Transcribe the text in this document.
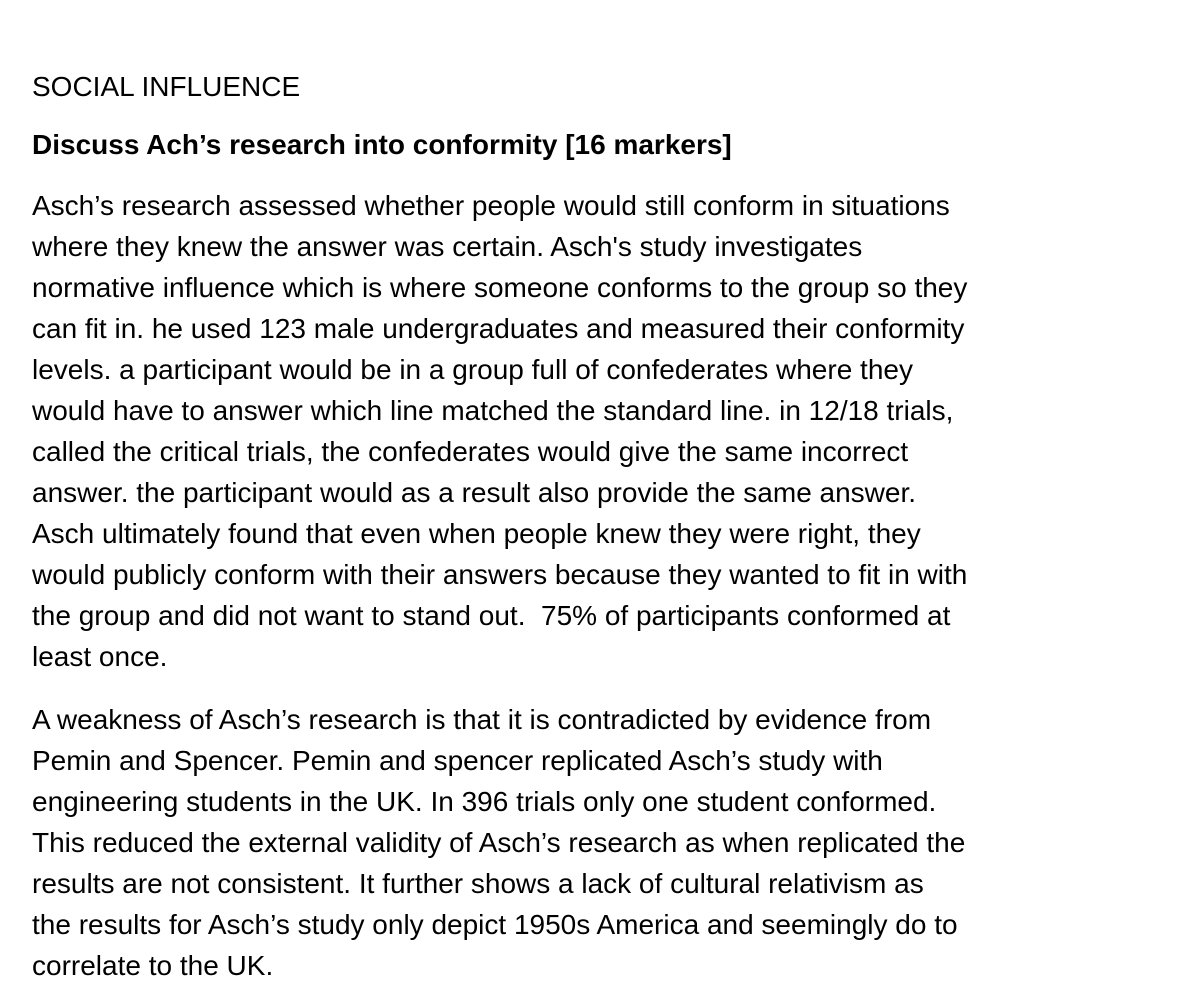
SOCIAL INFLUENCE
Discuss Ach’s research into conformity [16 markers]

Asch’s research assessed whether people would still conform in situations
where they knew the answer was certain. Asch's study investigates
normative influence which is where someone conforms to the group so they
can fit in. he used 123 male undergraduates and measured their conformity
levels. a participant would be in a group full of confederates where they
would have to answer which line matched the standard line. in 12/18 trials,
called the critical trials, the confederates would give the same incorrect
answer. the participant would as a result also provide the same answer.
Asch ultimately found that even when people knew they were right, they
would publicly conform with their answers because they wanted to fit in with
the group and did not want to stand out.  75% of participants conformed at
least once.

A weakness of Asch’s research is that it is contradicted by evidence from
Pemin and Spencer. Pemin and spencer replicated Asch’s study with
engineering students in the UK. In 396 trials only one student conformed.
This reduced the external validity of Asch’s research as when replicated the
results are not consistent. It further shows a lack of cultural relativism as
the results for Asch’s study only depict 1950s America and seemingly do to
correlate to the UK.
